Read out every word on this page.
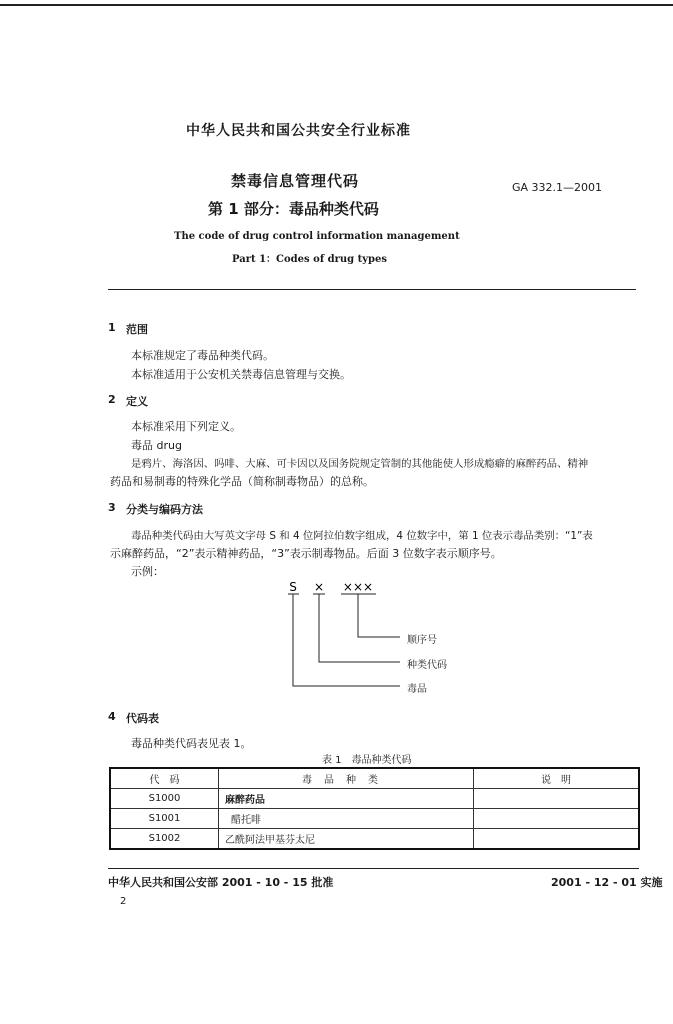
中华人民共和国公共安全行业标准
禁毒信息管理代码
第 1 部分：毒品种类代码
GA 332.1—2001
The code of drug control information management
Part 1：Codes of drug types
1 范围
本标准规定了毒品种类代码。
本标准适用于公安机关禁毒信息管理与交换。
2 定义
本标准采用下列定义。
毒品 drug
是鸦片、海洛因、吗啡、大麻、可卡因以及国务院规定管制的其他能使人形成瘾癖的麻醉药品、精神
药品和易制毒的特殊化学品（简称制毒物品）的总称。
3 分类与编码方法
毒品种类代码由大写英文字母 S 和 4 位阿拉伯数字组成，4 位数字中，第 1 位表示毒品类别：“1”表
示麻醉药品，“2”表示精神药品，“3”表示制毒物品。后面 3 位数字表示顺序号。
示例：
S × ×××
顺序号
种类代码
毒品
4 代码表
毒品种类代码表见表 1。
表 1　毒品种类代码
代　码	毒品种类	说　明
S1000	麻醉药品	
S1001	醋托啡	
S1002	乙酰阿法甲基芬太尼	
中华人民共和国公安部 2001 - 10 - 15 批准	2001 - 12 - 01 实施
2
